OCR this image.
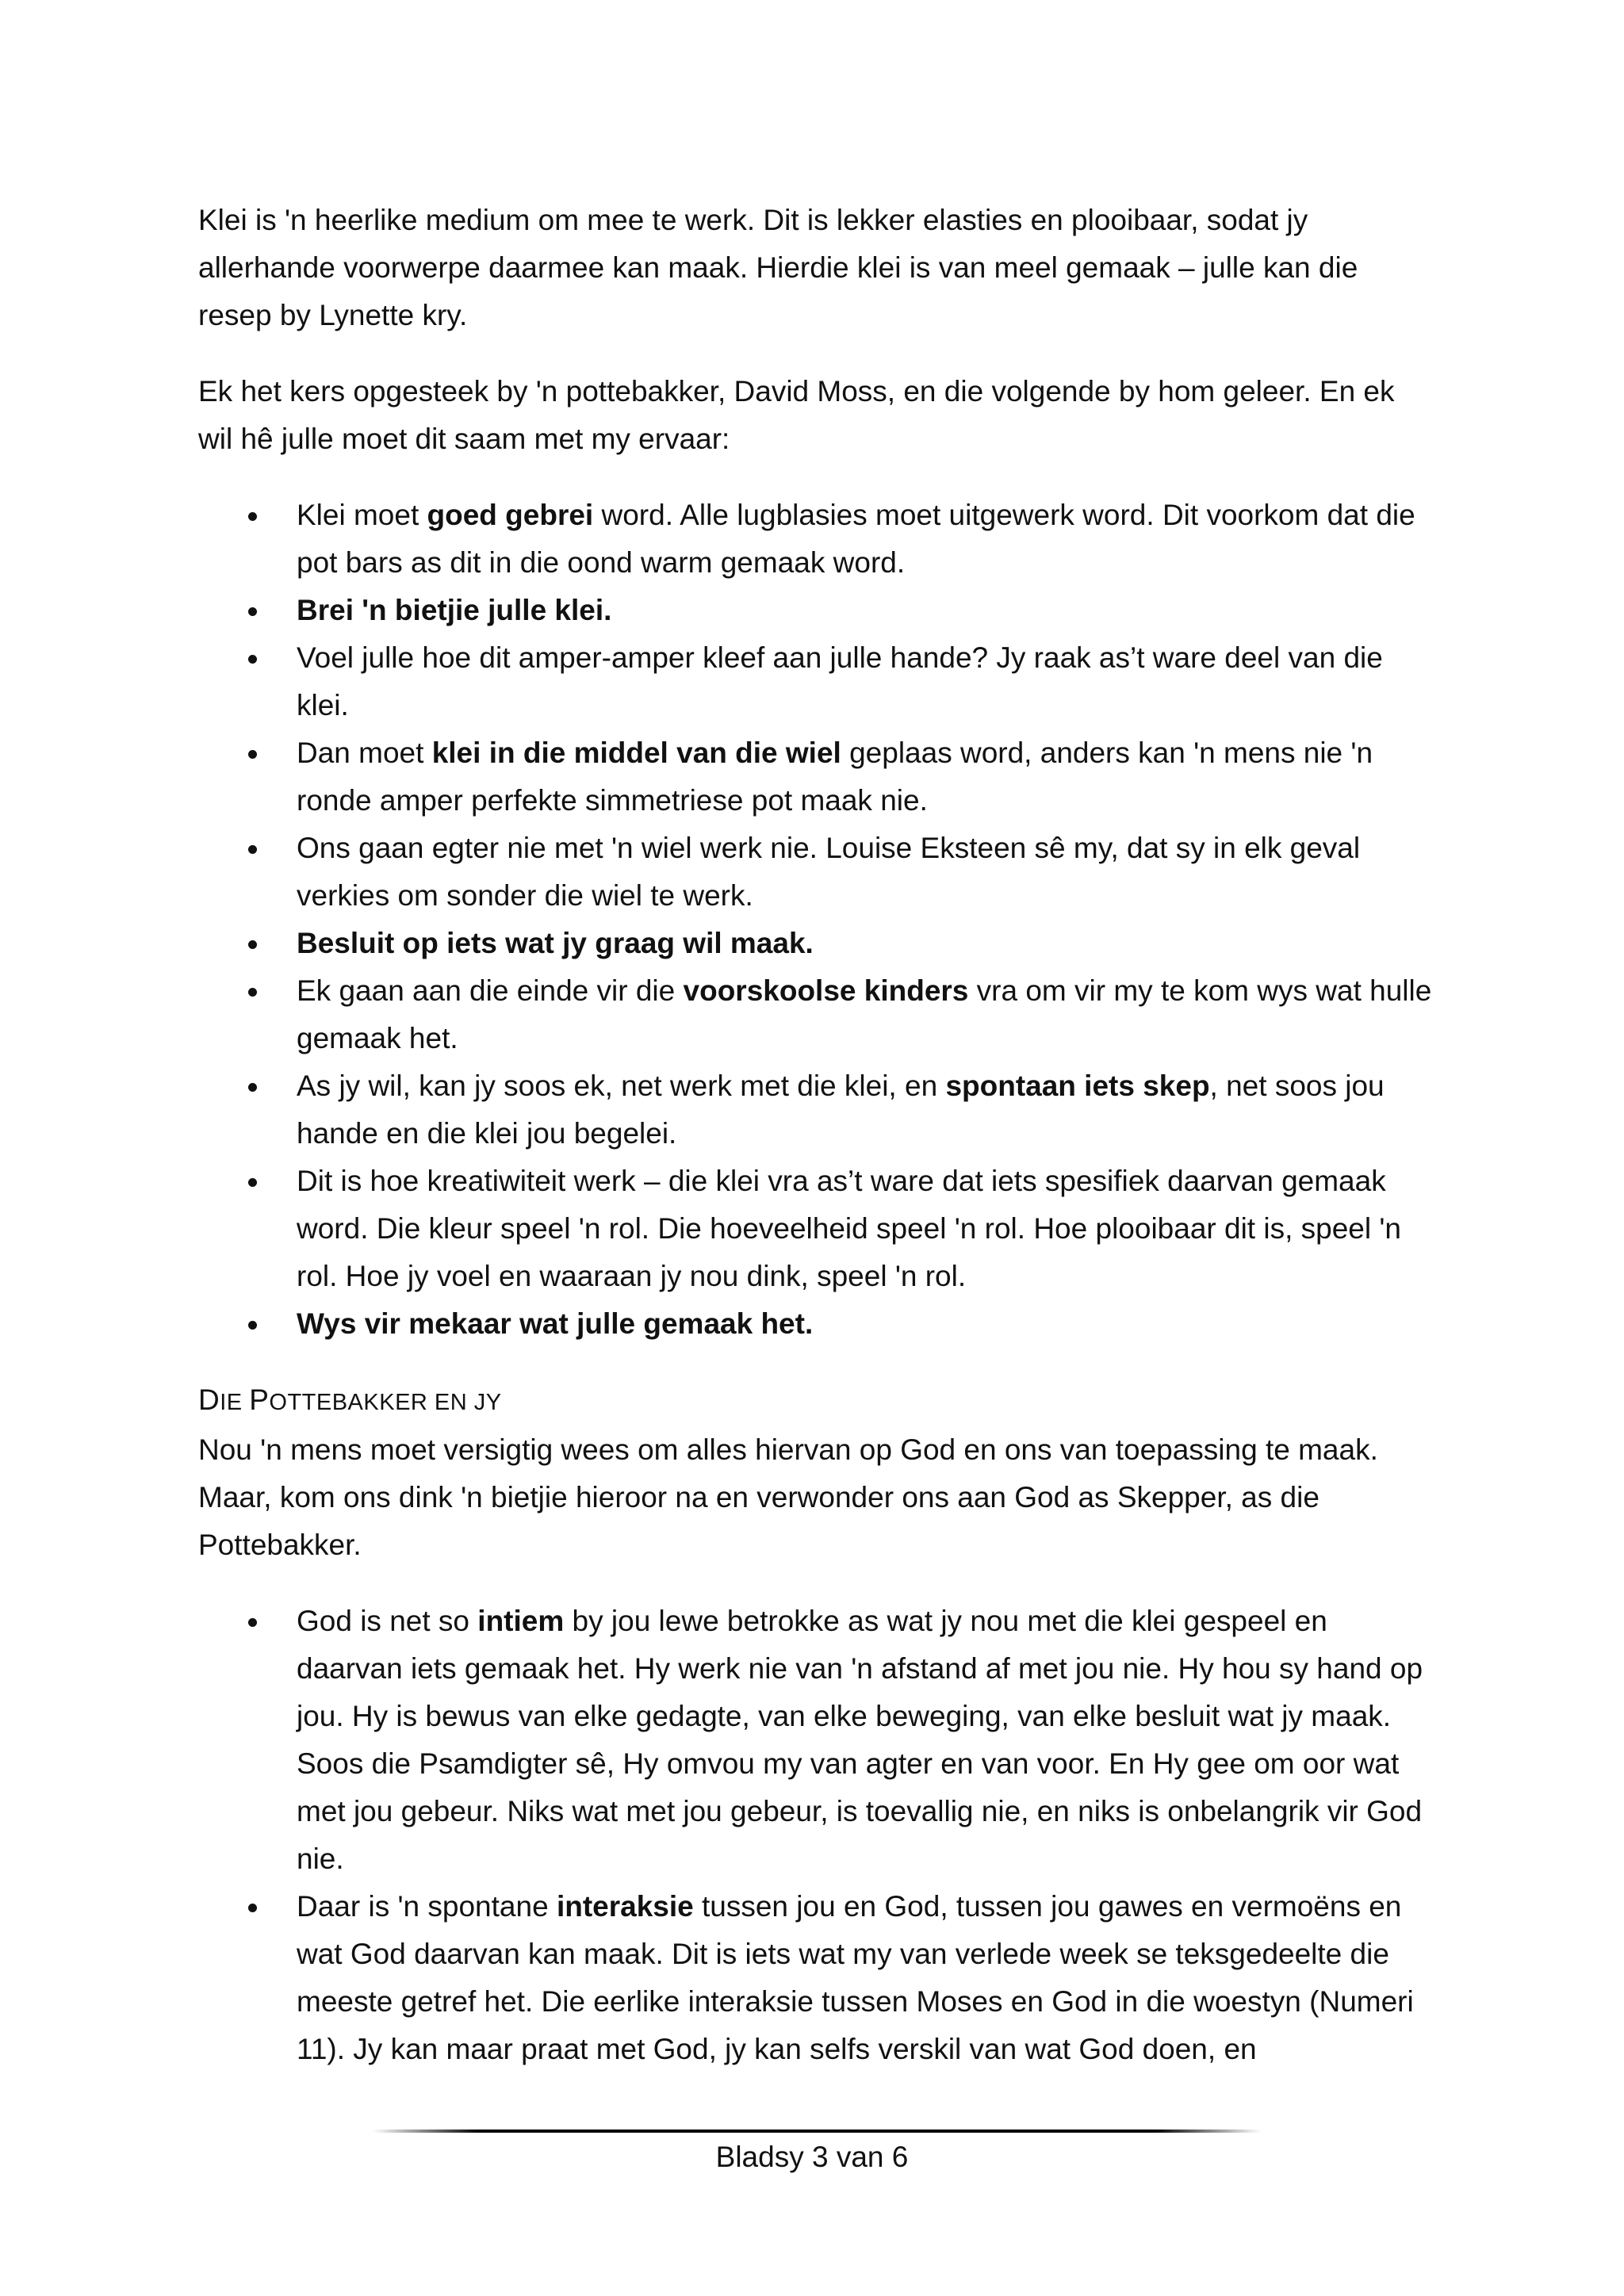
Klei is 'n heerlike medium om mee te werk. Dit is lekker elasties en plooibaar, sodat jy allerhande voorwerpe daarmee kan maak. Hierdie klei is van meel gemaak – julle kan die resep by Lynette kry.

Ek het kers opgesteek by 'n pottebakker, David Moss, en die volgende by hom geleer. En ek wil hê julle moet dit saam met my ervaar:

Klei moet goed gebrei word. Alle lugblasies moet uitgewerk word. Dit voorkom dat die pot bars as dit in die oond warm gemaak word.
Brei 'n bietjie julle klei.
Voel julle hoe dit amper-amper kleef aan julle hande? Jy raak as’t ware deel van die klei.
Dan moet klei in die middel van die wiel geplaas word, anders kan 'n mens nie 'n ronde amper perfekte simmetriese pot maak nie.
Ons gaan egter nie met 'n wiel werk nie. Louise Eksteen sê my, dat sy in elk geval verkies om sonder die wiel te werk.
Besluit op iets wat jy graag wil maak.
Ek gaan aan die einde vir die voorskoolse kinders vra om vir my te kom wys wat hulle gemaak het.
As jy wil, kan jy soos ek, net werk met die klei, en spontaan iets skep, net soos jou hande en die klei jou begelei.
Dit is hoe kreatiwiteit werk – die klei vra as’t ware dat iets spesifiek daarvan gemaak word. Die kleur speel 'n rol. Die hoeveelheid speel 'n rol. Hoe plooibaar dit is, speel 'n rol. Hoe jy voel en waaraan jy nou dink, speel 'n rol.
Wys vir mekaar wat julle gemaak het.
DIE POTTEBAKKER EN JY

Nou 'n mens moet versigtig wees om alles hiervan op God en ons van toepassing te maak. Maar, kom ons dink 'n bietjie hieroor na en verwonder ons aan God as Skepper, as die Pottebakker.

God is net so intiem by jou lewe betrokke as wat jy nou met die klei gespeel en daarvan iets gemaak het. Hy werk nie van 'n afstand af met jou nie. Hy hou sy hand op jou. Hy is bewus van elke gedagte, van elke beweging, van elke besluit wat jy maak. Soos die Psamdigter sê, Hy omvou my van agter en van voor. En Hy gee om oor wat met jou gebeur. Niks wat met jou gebeur, is toevallig nie, en niks is onbelangrik vir God nie.
Daar is 'n spontane interaksie tussen jou en God, tussen jou gawes en vermoëns en wat God daarvan kan maak. Dit is iets wat my van verlede week se teksgedeelte die meeste getref het. Die eerlike interaksie tussen Moses en God in die woestyn (Numeri 11). Jy kan maar praat met God, jy kan selfs verskil van wat God doen, en
Bladsy 3 van 6
